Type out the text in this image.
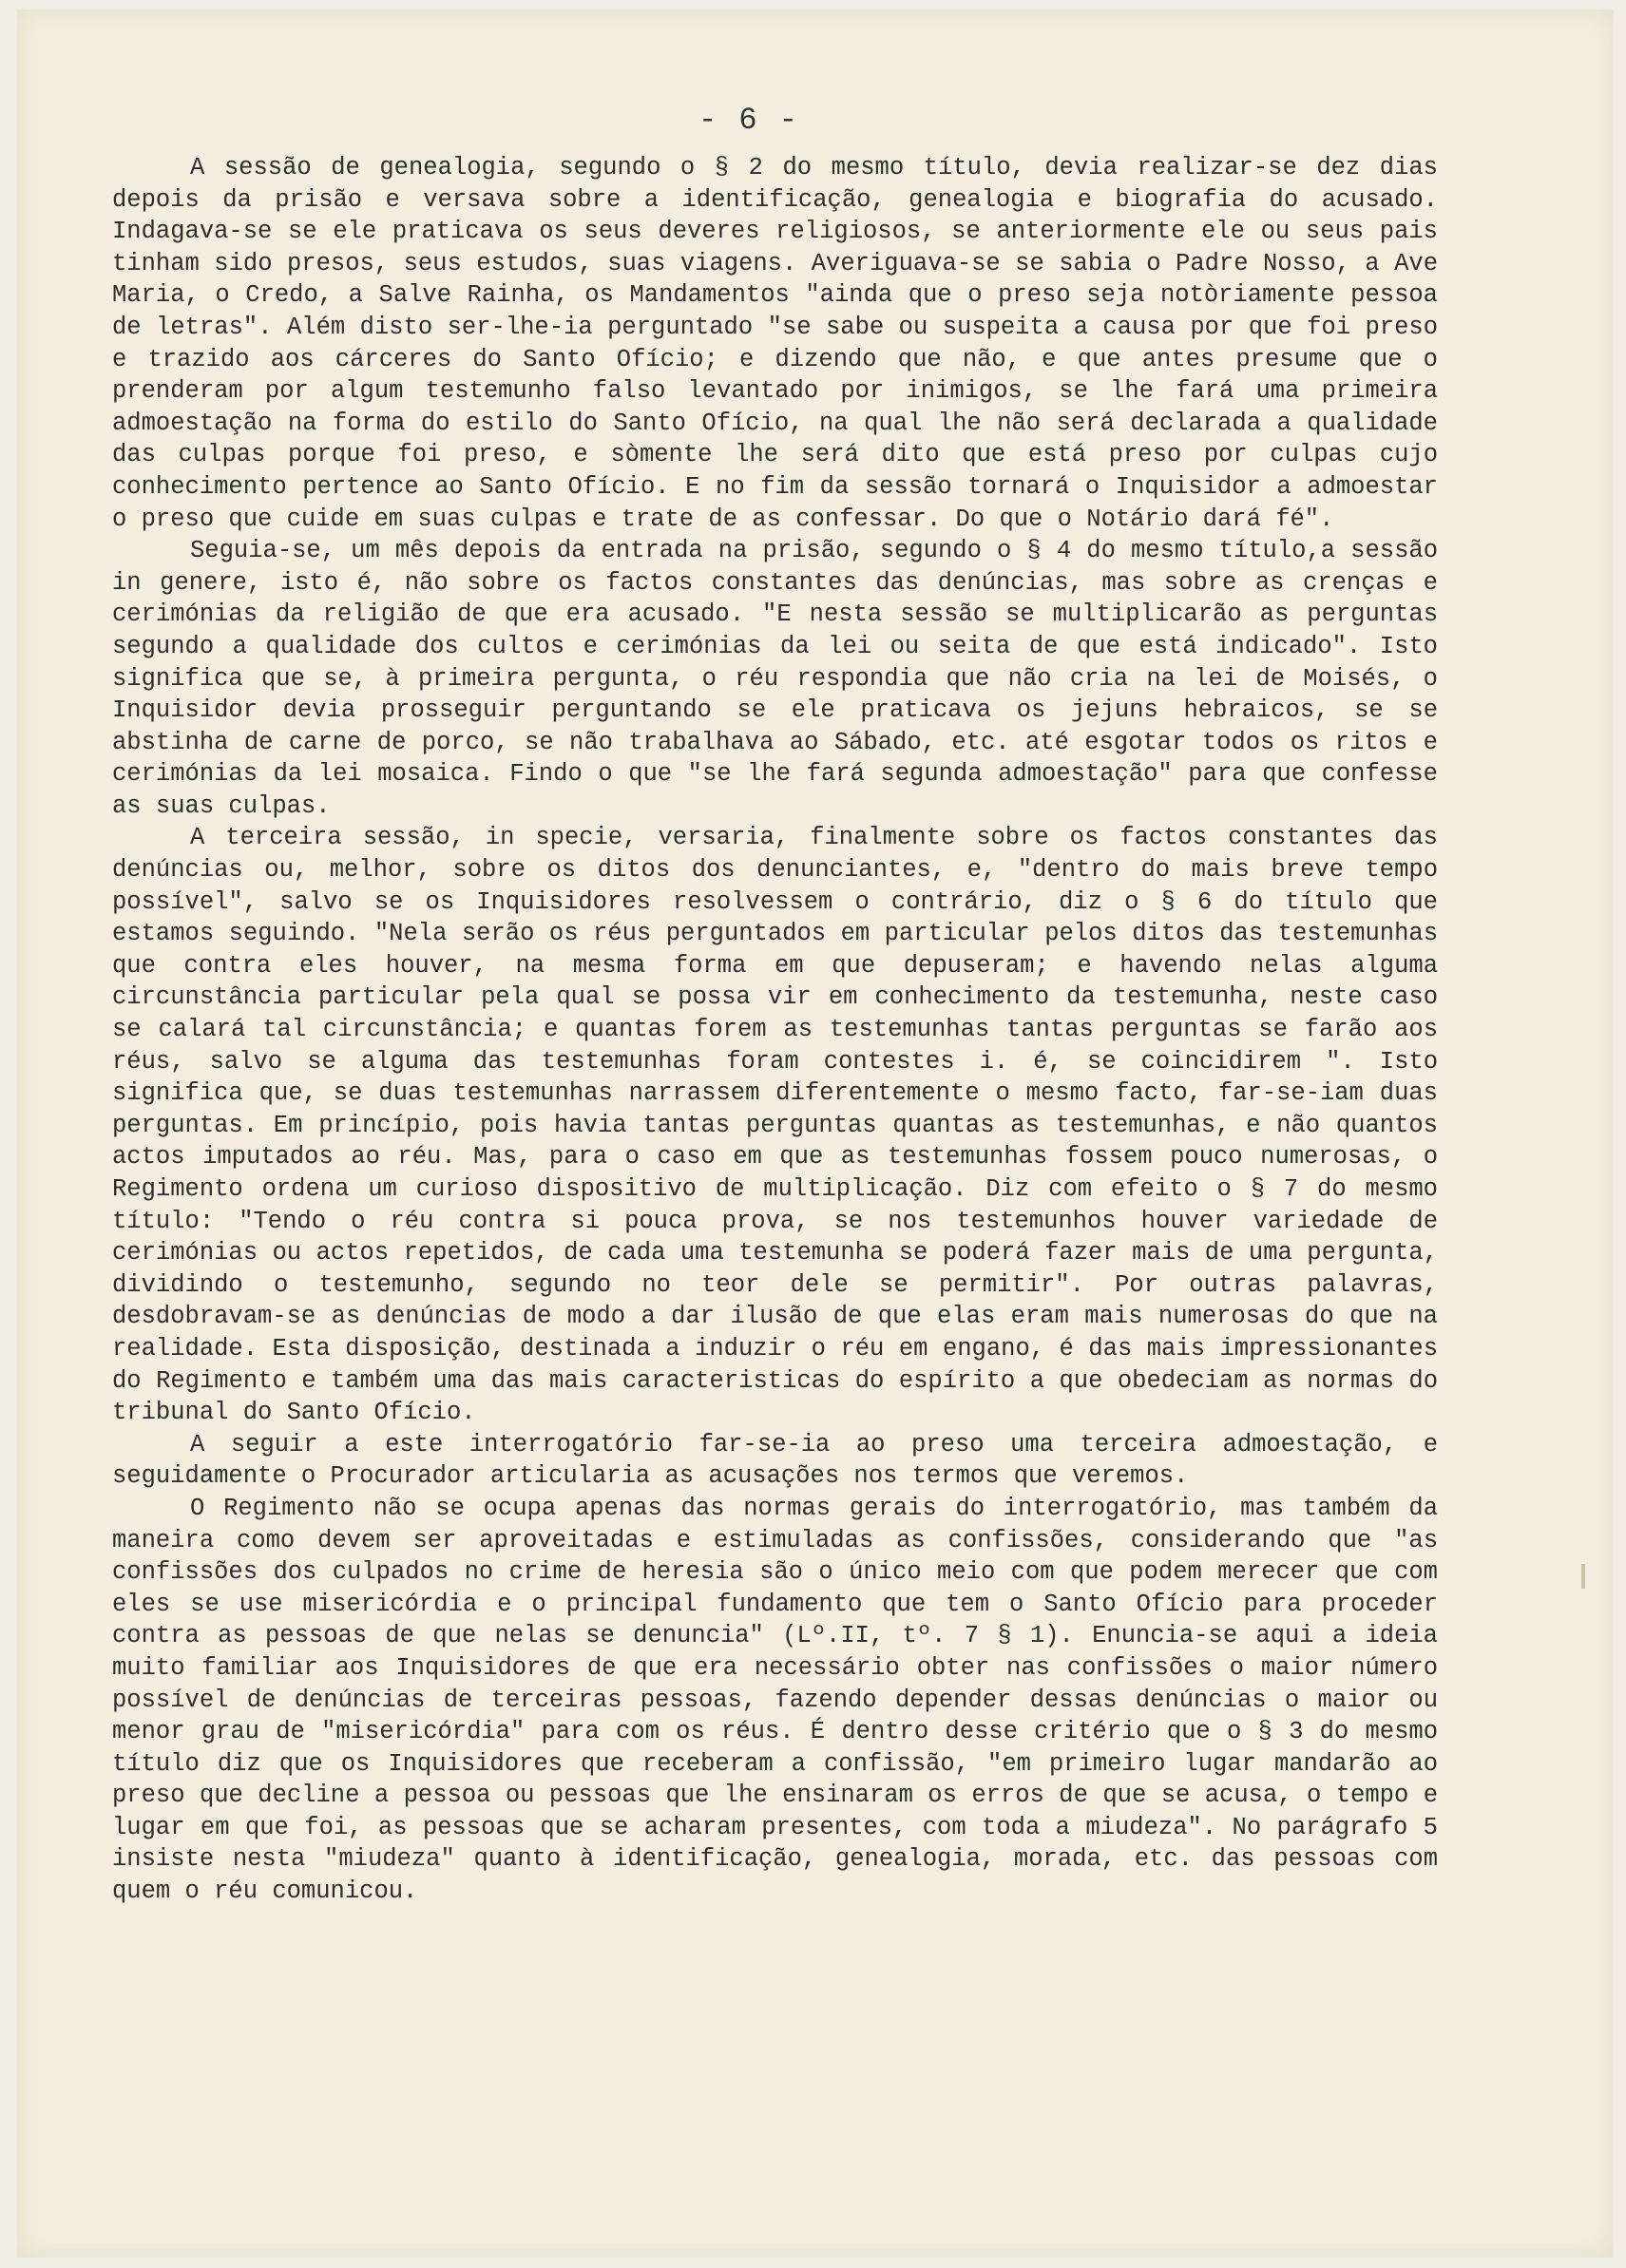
- 6 -

A sessão de genealogia, segundo o § 2 do mesmo título, devia realizar-se dez dias depois da prisão e versava sobre a identificação, genealogia e biografia do acusado. Indagava-se se ele praticava os seus deveres religiosos, se anteriormente ele ou seus pais tinham sido presos, seus estudos, suas viagens. Averiguava-se se sabia o Padre Nosso, a Ave Maria, o Credo, a Salve Rainha, os Mandamentos "ainda que o preso seja notòriamente pessoa de letras". Além disto ser-lhe-ia perguntado "se sabe ou suspeita a causa por que foi preso e trazido aos cárceres do Santo Ofício; e dizendo que não, e que antes presume que o prenderam por algum testemunho falso levantado por inimigos, se lhe fará uma primeira admoestação na forma do estilo do Santo Ofício, na qual lhe não será declarada a qualidade das culpas porque foi preso, e sòmente lhe será dito que está preso por culpas cujo conhecimento pertence ao Santo Ofício. E no fim da sessão tornará o Inquisidor a admoestar o preso que cuide em suas culpas e trate de as confessar. Do que o Notário dará fé".

Seguia-se, um mês depois da entrada na prisão, segundo o § 4 do mesmo título,a sessão in genere, isto é, não sobre os factos constantes das denúncias, mas sobre as crenças e cerimónias da religião de que era acusado. "E nesta sessão se multiplicarão as perguntas segundo a qualidade dos cultos e cerimónias da lei ou seita de que está indicado". Isto significa que se, à primeira pergunta, o réu respondia que não cria na lei de Moisés, o Inquisidor devia prosseguir perguntando se ele praticava os jejuns hebraicos, se se abstinha de carne de porco, se não trabalhava ao Sábado, etc. até esgotar todos os ritos e cerimónias da lei mosaica. Findo o que "se lhe fará segunda admoestação" para que confesse as suas culpas.

A terceira sessão, in specie, versaria, finalmente sobre os factos constantes das denúncias ou, melhor, sobre os ditos dos denunciantes, e, "dentro do mais breve tempo possível", salvo se os Inquisidores resolvessem o contrário, diz o § 6 do título que estamos seguindo. "Nela serão os réus perguntados em particular pelos ditos das testemunhas que contra eles houver, na mesma forma em que depuseram; e havendo nelas alguma circunstância particular pela qual se possa vir em conhecimento da testemunha, neste caso se calará tal circunstância; e quantas forem as testemunhas tantas perguntas se farão aos réus, salvo se alguma das testemunhas foram contestes i. é, se coincidirem ". Isto significa que, se duas testemunhas narrassem diferentemente o mesmo facto, far-se-iam duas perguntas. Em princípio, pois havia tantas perguntas quantas as testemunhas, e não quantos actos imputados ao réu. Mas, para o caso em que as testemunhas fossem pouco numerosas, o Regimento ordena um curioso dispositivo de multiplicação. Diz com efeito o § 7 do mesmo título: "Tendo o réu contra si pouca prova, se nos testemunhos houver variedade de cerimónias ou actos repetidos, de cada uma testemunha se poderá fazer mais de uma pergunta, dividindo o testemunho, segundo no teor dele se permitir". Por outras palavras, desdobravam-se as denúncias de modo a dar ilusão de que elas eram mais numerosas do que na realidade. Esta disposição, destinada a induzir o réu em engano, é das mais impressionantes do Regimento e também uma das mais caracteristicas do espírito a que obedeciam as normas do tribunal do Santo Ofício.

A seguir a este interrogatório far-se-ia ao preso uma terceira admoestação, e seguidamente o Procurador articularia as acusações nos termos que veremos.

O Regimento não se ocupa apenas das normas gerais do interrogatório, mas também da maneira como devem ser aproveitadas e estimuladas as confissões, considerando que "as confissões dos culpados no crime de heresia são o único meio com que podem merecer que com eles se use misericórdia e o principal fundamento que tem o Santo Ofício para proceder contra as pessoas de que nelas se denuncia" (Lº.II, tº. 7 § 1). Enuncia-se aqui a ideia muito familiar aos Inquisidores de que era necessário obter nas confissões o maior número possível de denúncias de terceiras pessoas, fazendo depender dessas denúncias o maior ou menor grau de "misericórdia" para com os réus. É dentro desse critério que o § 3 do mesmo título diz que os Inquisidores que receberam a confissão, "em primeiro lugar mandarão ao preso que decline a pessoa ou pessoas que lhe ensinaram os erros de que se acusa, o tempo e lugar em que foi, as pessoas que se acharam presentes, com toda a miudeza". No parágrafo 5 insiste nesta "miudeza" quanto à identificação, genealogia, morada, etc. das pessoas com quem o réu comunicou.
